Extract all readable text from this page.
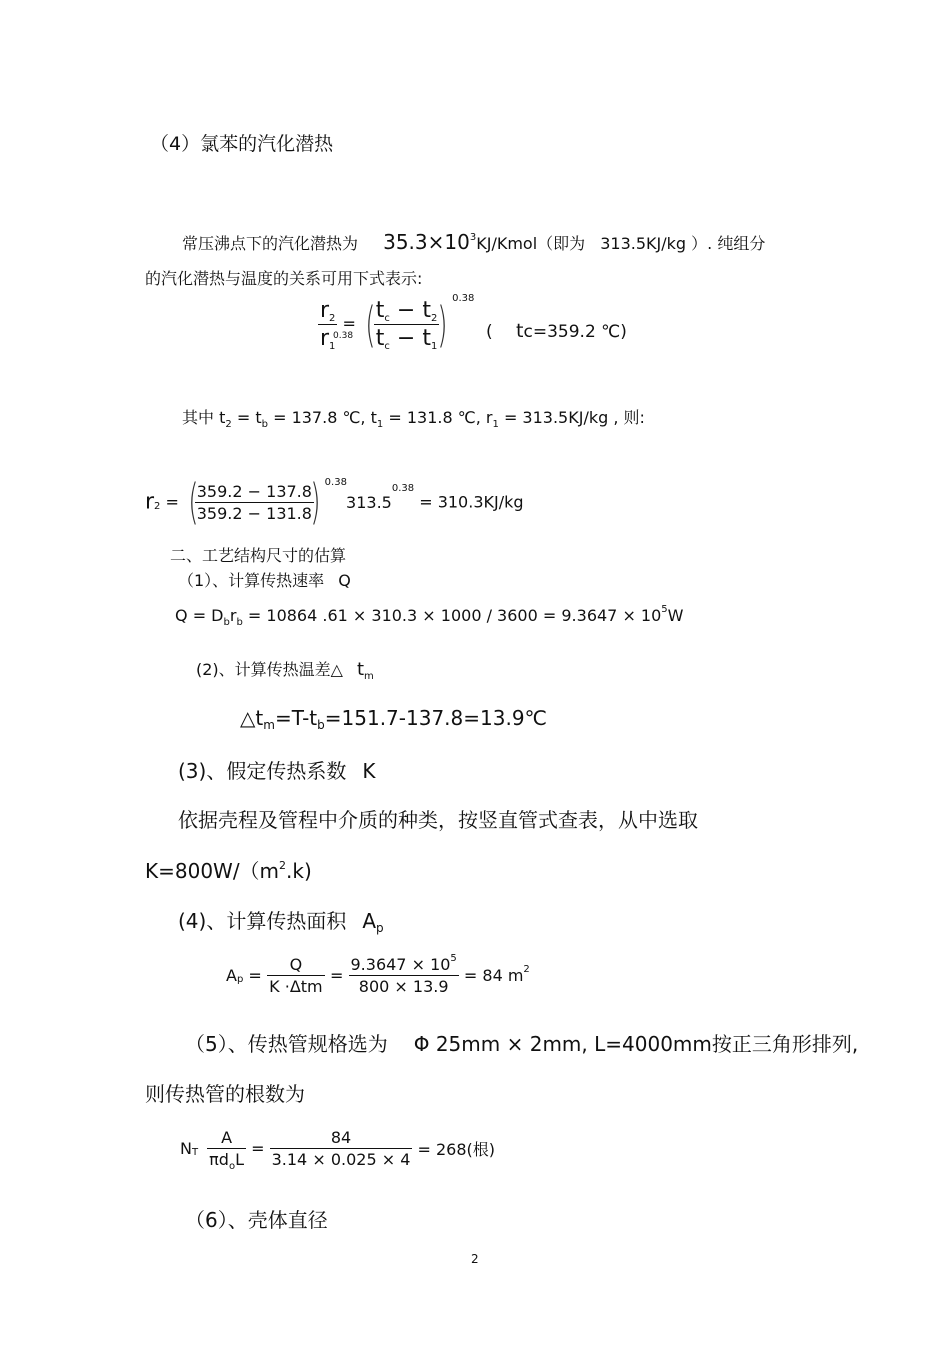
（4）氯苯的汽化潜热
常压沸点下的汽化潜热为 $35.3\times 10^3KJ/Kmol$（即为 313.5KJ/kg ）. 纯组分
的汽化潜热与温度的关系可用下式表示:
$\frac{r2}{r1}$ = (
$\frac{tc - t2}{tc - t1}$
) $^{0.38}$
0.38	( tc=359.2 ℃)
其中 $t_2 = t_b = 137.8$ ℃, $t_1 = 131.8$ ℃, $r_1 = 313.5KJ/kg$ , 则:
$r_2$ = (
$\frac{359.2 - 137.8}{359.2 - 131.8}$
) $^{0.38}$ $313.5^{0.38} = 310.3KJ/kg$
二、工艺结构尺寸的估算
（1）、计算传热速率 Q
$Q = D_br_b = 10864$ $.61 \times 310.3 \times 1000 / 3600 = 9.3647 \times 10^5W$
(2)、计算传热温差△ $t_m$
$\triangle t_m=T-t_b=151.7-137.8=13.9℃$
(3)、假定传热系数 K
依据壳程及管程中介质的种类，按竖直管式查表，从中选取
$K=800W/(m^2.k)$
(4)、计算传热面积 $A_p$
$A_p = \frac{Q}{\text{K ·Δtm}} = \frac{9.3647 \times 10^5}{800 \times 13.9} = 84$ $m^2$
（5）、传热管规格选为 Φ 25mm × 2mm, L=4000mm按正三角形排列,
则传热管的根数为
$N_T \frac{A}{\pi d_oL} = \frac{84}{3.14 \times 0.025 \times 4} = 268$(根)
（6）、壳体直径
2
